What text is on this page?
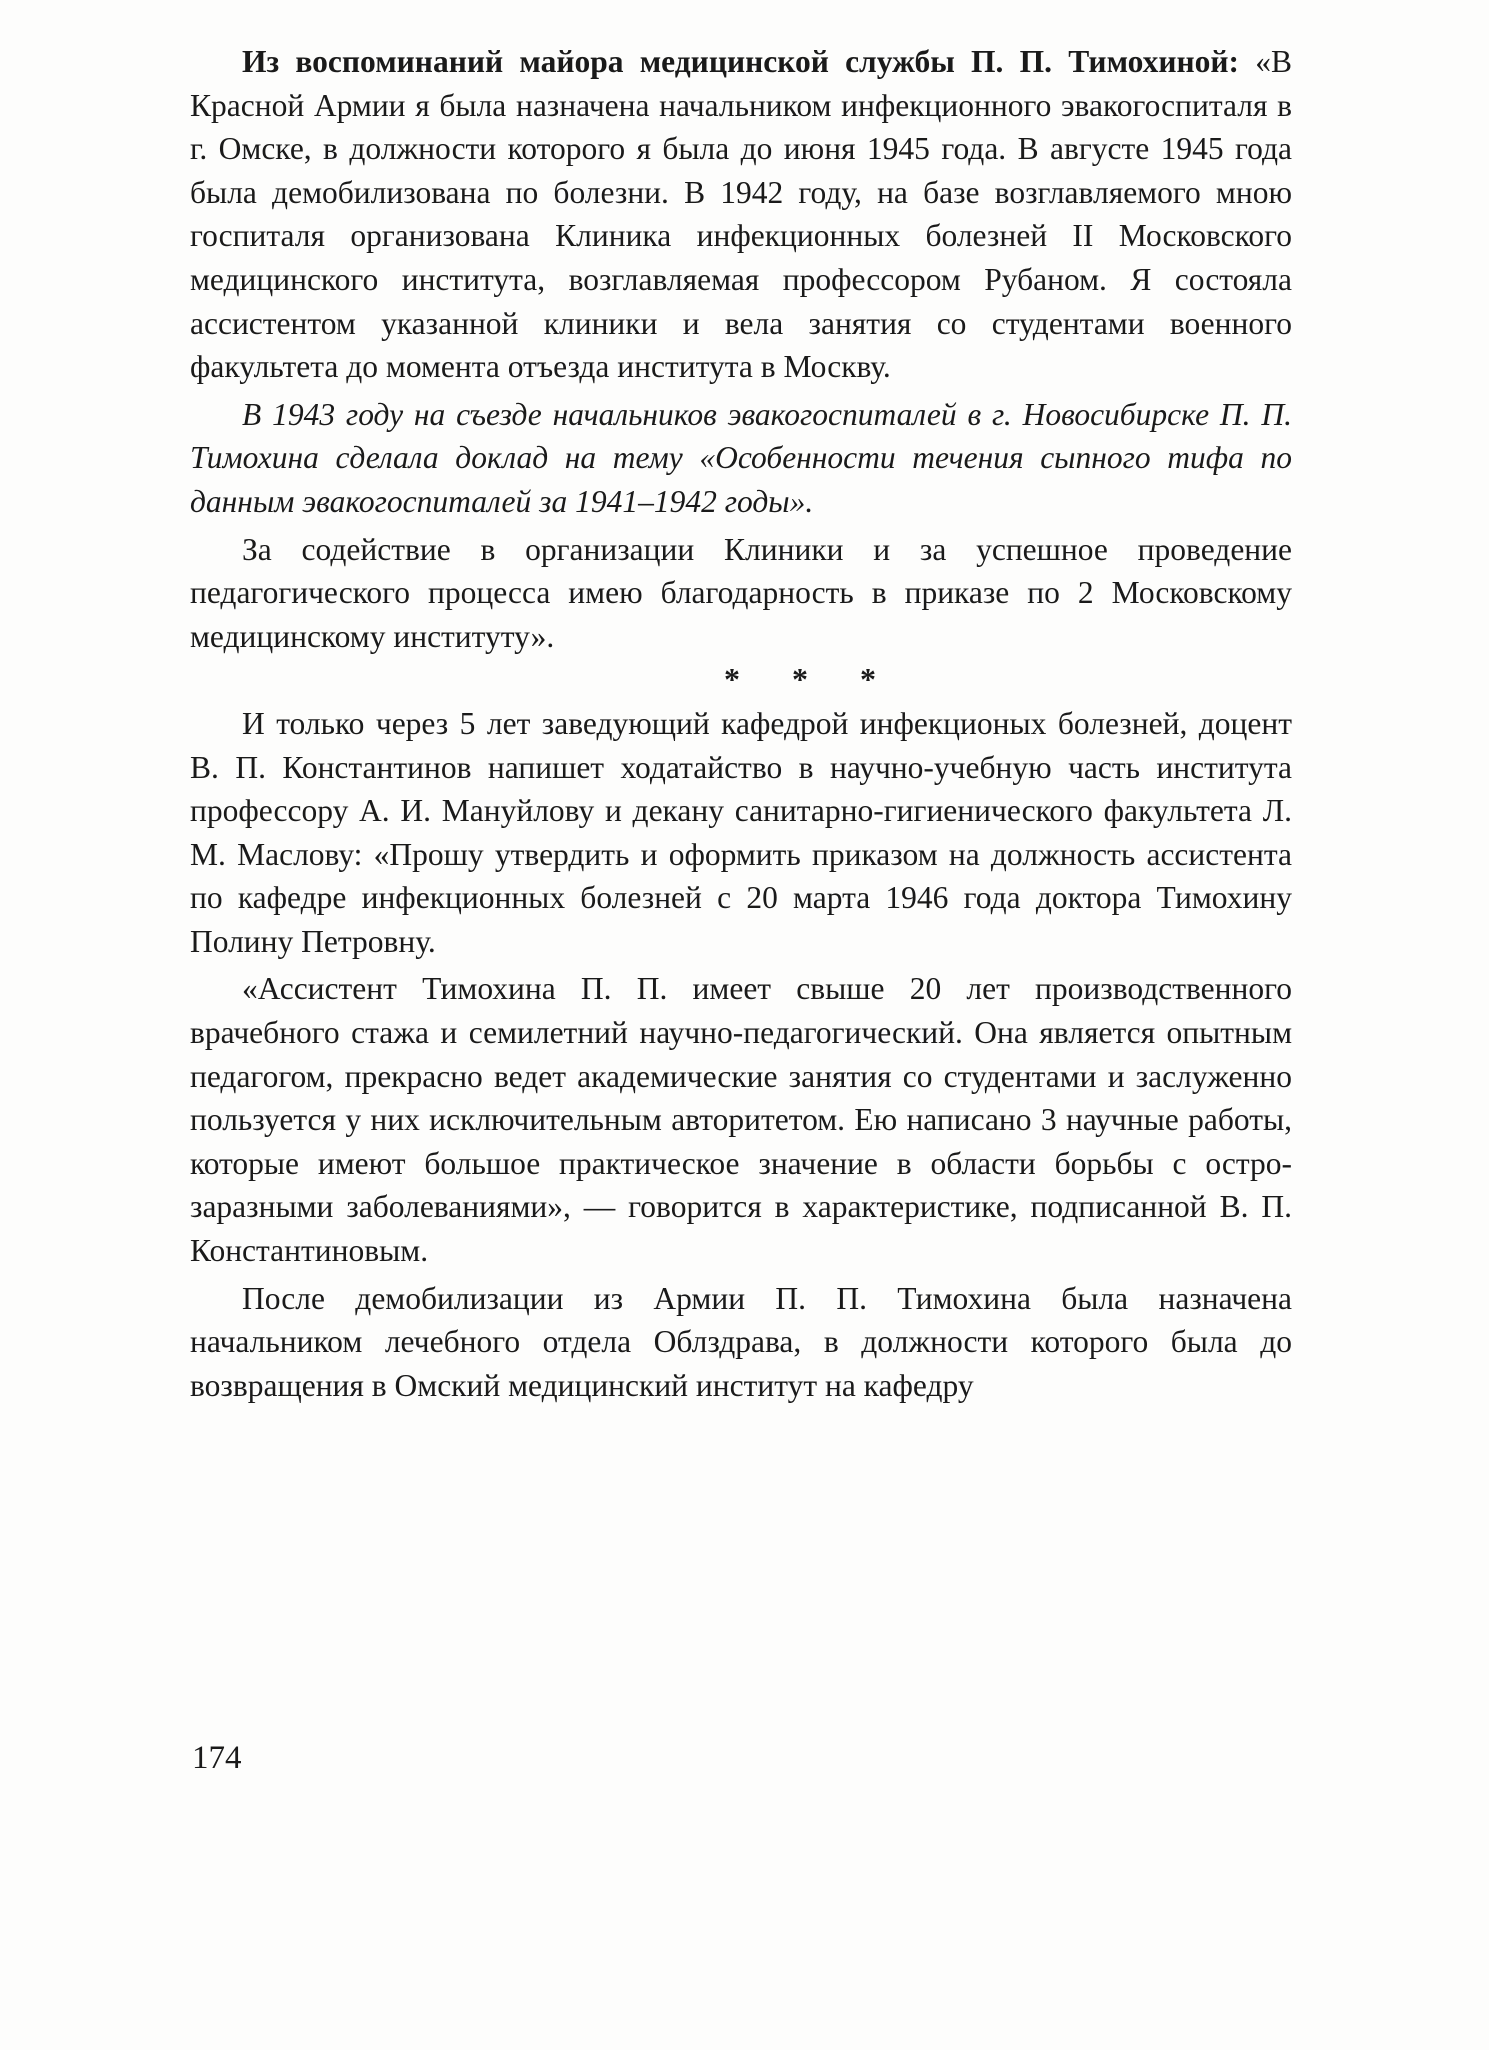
Из воспоминаний майора медицинской службы П. П. Тимохиной: «В Красной Армии я была назначена начальником инфекционного эвакогоспиталя в г. Омске, в должности которого я была до июня 1945 года. В августе 1945 года была демобилизована по болезни. В 1942 году, на базе возглавляемого мною госпиталя организована Клиника инфекционных болезней II Московского медицинского института, возглавляемая профессором Рубаном. Я состояла ассистентом указанной клиники и вела занятия со студентами военного факультета до момента отъезда института в Москву.

В 1943 году на съезде начальников эвакогоспиталей в г. Новосибирске П. П. Тимохина сделала доклад на тему «Особенности течения сыпного тифа по данным эвакогоспиталей за 1941–1942 годы».

За содействие в организации Клиники и за успешное проведение педагогического процесса имею благодарность в приказе по 2 Московскому медицинскому институту».

* * *

И только через 5 лет заведующий кафедрой инфекционых болезней, доцент В. П. Константинов напишет ходатайство в научно-учебную часть института профессору А. И. Мануйлову и декану санитарно-гигиенического факультета Л. М. Маслову: «Прошу утвердить и оформить приказом на должность ассистента по кафедре инфекционных болезней с 20 марта 1946 года доктора Тимохину Полину Петровну.

«Ассистент Тимохина П. П. имеет свыше 20 лет производственного врачебного стажа и семилетний научно-педагогический. Она является опытным педагогом, прекрасно ведет академические занятия со студентами и заслуженно пользуется у них исключительным авторитетом. Ею написано 3 научные работы, которые имеют большое практическое значение в области борьбы с остро-заразными заболеваниями», — говорится в характеристике, подписанной В. П. Константиновым.

После демобилизации из Армии П. П. Тимохина была назначена начальником лечебного отдела Облздрава, в должности которого была до возвращения в Омский медицинский институт на кафедру

174
